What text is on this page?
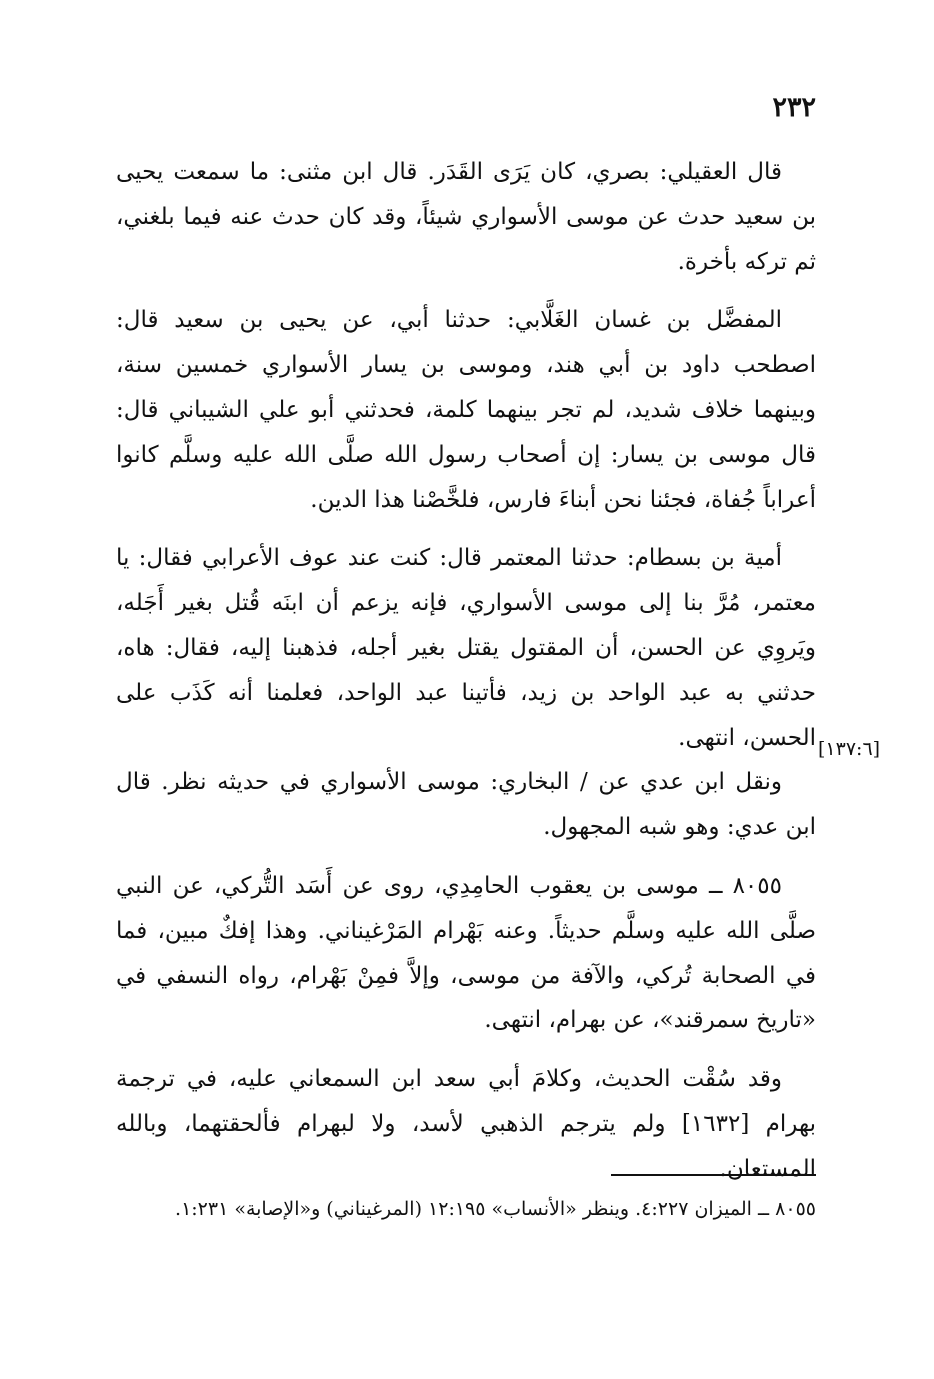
٢٣٢

قال العقيلي: بصري، كان يَرَى القَدَر. قال ابن مثنى: ما سمعت يحيى بن سعيد حدث عن موسى الأسواري شيئاً، وقد كان حدث عنه فيما بلغني، ثم تركه بأخرة.

المفضَّل بن غسان الغَلَّابي: حدثنا أبي، عن يحيى بن سعيد قال: اصطحب داود بن أبي هند، وموسى بن يسار الأسواري خمسين سنة، وبينهما خلاف شديد، لم تجر بينهما كلمة، فحدثني أبو علي الشيباني قال: قال موسى بن يسار: إن أصحاب رسول الله صلَّى الله عليه وسلَّم كانوا أعراباً جُفاة، فجئنا نحن أبناءَ فارس، فلخَّصْنا هذا الدين.

أمية بن بسطام: حدثنا المعتمر قال: كنت عند عوف الأعرابي فقال: يا معتمر، مُرَّ بنا إلى موسى الأسواري، فإنه يزعم أن ابنَه قُتل بغير أَجَله، ويَروِي عن الحسن، أن المقتول يقتل بغير أجله، فذهبنا إليه، فقال: هاه، حدثني به عبد الواحد بن زيد، فأتينا عبد الواحد، فعلمنا أنه كَذَب على الحسن، انتهى.

ونقل ابن عدي عن / البخاري: موسى الأسواري في حديثه نظر. قال ابن عدي: وهو شبه المجهول.

٨٠٥٥ ــ موسى بن يعقوب الحامِدِي، روى عن أَسَد التُّركي، عن النبي صلَّى الله عليه وسلَّم حديثاً. وعنه بَهْرام المَرْغيناني. وهذا إفكٌ مبين، فما في الصحابة تُركي، والآفة من موسى، وإلاَّ فمِنْ بَهْرام، رواه النسفي في «تاريخ سمرقند»، عن بهرام، انتهى.

وقد سُقْت الحديث، وكلامَ أبي سعد ابن السمعاني عليه، في ترجمة بهرام [١٦٣٢] ولم يترجم الذهبي لأسد، ولا لبهرام فألحقتهما، وبالله المستعان.

[١٣٧:٦]
٨٠٥٥ ــ الميزان ٤:٢٢٧. وينظر «الأنساب» ١٢:١٩٥ (المرغيناني) و«الإصابة» ١:٢٣١.
